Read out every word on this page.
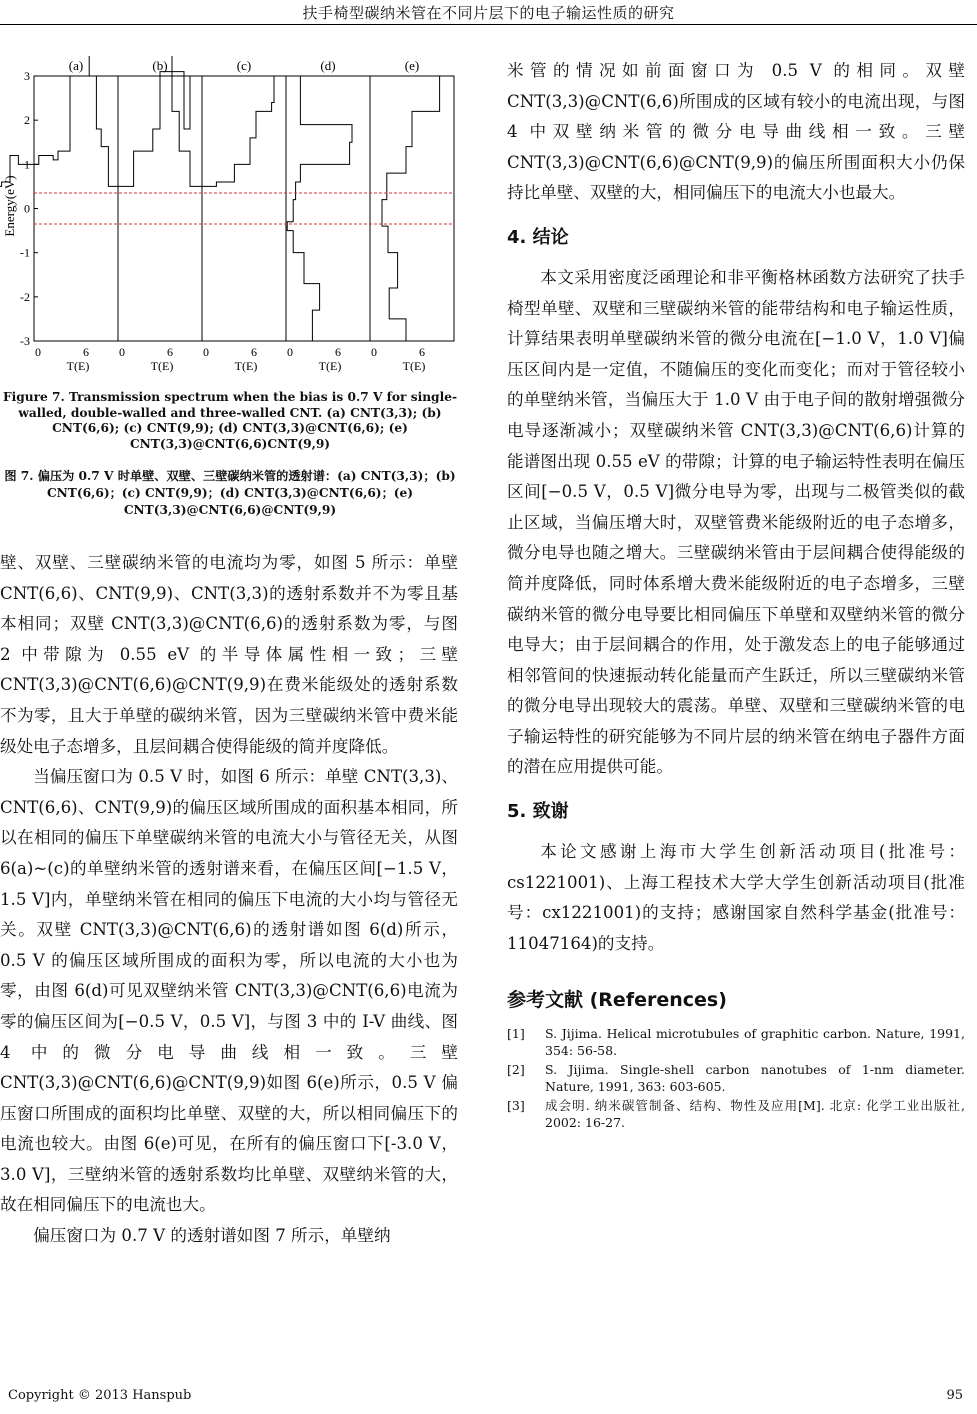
扶手椅型碳纳米管在不同片层下的电子输运性质的研究
3
2
1
0
-1
-2
-3
(a)
0	6
T(E)
(b)
0	6
T(E)
(c)
0	6
T(E)
(d)
0	6
T(E)
(e)
0	6
T(E)
Energy(eV)
Figure 7. Transmission spectrum when the bias is 0.7 V for single-walled, double-walled and three-walled CNT. (a) CNT(3,3); (b) CNT(6,6); (c) CNT(9,9); (d) CNT(3,3)@CNT(6,6); (e) CNT(3,3)@CNT(6,6)CNT(9,9)
图 7. 偏压为 0.7 V 时单壁、双壁、三壁碳纳米管的透射谱：(a) CNT(3,3)；(b) CNT(6,6)；(c) CNT(9,9)；(d) CNT(3,3)@CNT(6,6)；(e) CNT(3,3)@CNT(6,6)@CNT(9,9)

壁、双壁、三壁碳纳米管的电流均为零，如图 5 所示：单壁 CNT(6,6)、CNT(9,9)、CNT(3,3)的透射系数并不为零且基本相同；双壁 CNT(3,3)@CNT(6,6)的透射系数为零，与图 2 中带隙为 0.55 eV 的半导体属性相一致；三壁 CNT(3,3)@CNT(6,6)@CNT(9,9)在费米能级处的透射系数不为零，且大于单壁的碳纳米管，因为三壁碳纳米管中费米能级处电子态增多，且层间耦合使得能级的简并度降低。

当偏压窗口为 0.5 V 时，如图 6 所示：单壁 CNT(3,3)、CNT(6,6)、CNT(9,9)的偏压区域所围成的面积基本相同，所以在相同的偏压下单壁碳纳米管的电流大小与管径无关，从图 6(a)~(c)的单壁纳米管的透射谱来看，在偏压区间[−1.5 V，1.5 V]内，单壁纳米管在相同的偏压下电流的大小均与管径无关。双壁 CNT(3,3)@CNT(6,6)的透射谱如图 6(d)所示，0.5 V 的偏压区域所围成的面积为零，所以电流的大小也为零，由图 6(d)可见双壁纳米管 CNT(3,3)@CNT(6,6)电流为零的偏压区间为[−0.5 V，0.5 V]，与图 3 中的 I-V 曲线、图 4 中的微分电导曲线相一致。三壁 CNT(3,3)@CNT(6,6)@CNT(9,9)如图 6(e)所示，0.5 V 偏压窗口所围成的面积均比单壁、双壁的大，所以相同偏压下的电流也较大。由图 6(e)可见，在所有的偏压窗口下[-3.0 V，3.0 V]，三壁纳米管的透射系数均比单壁、双壁纳米管的大，故在相同偏压下的电流也大。

偏压窗口为 0.7 V 的透射谱如图 7 所示，单壁纳

米管的情况如前面窗口为 0.5 V 的相同。双壁 CNT(3,3)@CNT(6,6)所围成的区域有较小的电流出现，与图 4 中双壁纳米管的微分电导曲线相一致。三壁 CNT(3,3)@CNT(6,6)@CNT(9,9)的偏压所围面积大小仍保持比单壁、双壁的大，相同偏压下的电流大小也最大。

4. 结论

本文采用密度泛函理论和非平衡格林函数方法研究了扶手椅型单壁、双壁和三壁碳纳米管的能带结构和电子输运性质，计算结果表明单壁碳纳米管的微分电流在[−1.0 V，1.0 V]偏压区间内是一定值，不随偏压的变化而变化；而对于管径较小的单壁纳米管，当偏压大于 1.0 V 由于电子间的散射增强微分电导逐渐减小；双壁碳纳米管 CNT(3,3)@CNT(6,6)计算的能谱图出现 0.55 eV 的带隙；计算的电子输运特性表明在偏压区间[−0.5 V，0.5 V]微分电导为零，出现与二极管类似的截止区域，当偏压增大时，双壁管费米能级附近的电子态增多，微分电导也随之增大。三壁碳纳米管由于层间耦合使得能级的简并度降低，同时体系增大费米能级附近的电子态增多，三壁碳纳米管的微分电导要比相同偏压下单壁和双壁纳米管的微分电导大；由于层间耦合的作用，处于激发态上的电子能够通过相邻管间的快速振动转化能量而产生跃迁，所以三壁碳纳米管的微分电导出现较大的震荡。单壁、双壁和三壁碳纳米管的电子输运特性的研究能够为不同片层的纳米管在纳电子器件方面的潜在应用提供可能。

5. 致谢

本论文感谢上海市大学生创新活动项目(批准号：cs1221001)、上海工程技术大学大学生创新活动项目(批准号：cx1221001)的支持；感谢国家自然科学基金(批准号：11047164)的支持。

参考文献 (References)
[1]	S. Jijima. Helical microtubules of graphitic carbon. Nature, 1991, 354: 56-58.
[2]	S. Jijima. Single-shell carbon nanotubes of 1-nm diameter. Nature, 1991, 363: 603-605.
[3]	成会明. 纳米碳管制备、结构、物性及应用[M]. 北京: 化学工业出版社, 2002: 16-27.
Copyright © 2013 Hanspub	95
